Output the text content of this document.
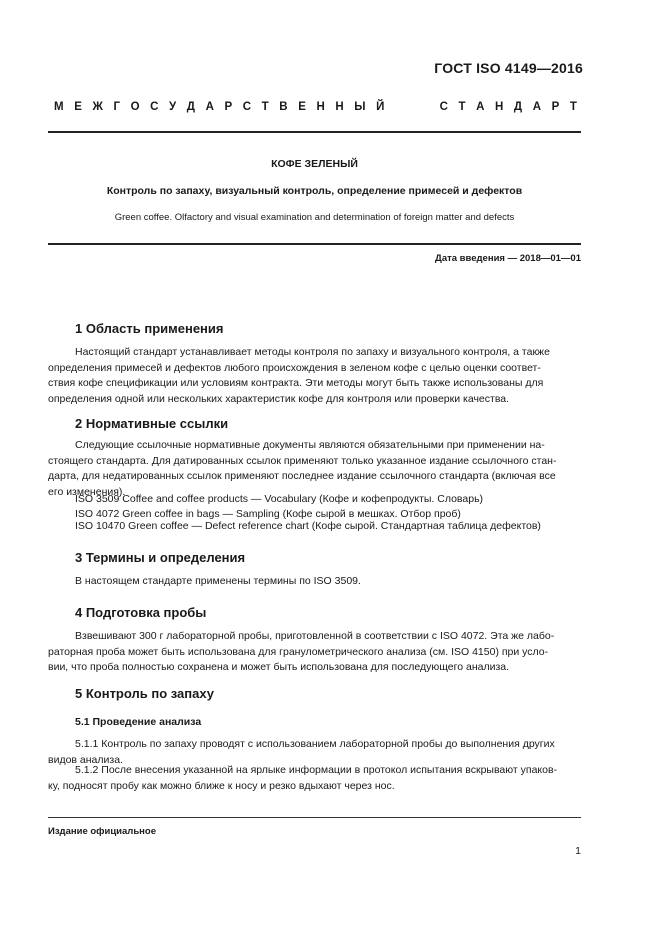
ГОСТ ISO 4149—2016
М Е Ж Г О С У Д А Р С Т В Е Н Н Ы Й	С Т А Н Д А Р Т
КОФЕ ЗЕЛЕНЫЙ
Контроль по запаху, визуальный контроль, определение примесей и дефектов
Green coffee. Olfactory and visual examination and determination of foreign matter and defects
Дата введения — 2018—01—01
1 Область применения
Настоящий стандарт устанавливает методы контроля по запаху и визуального контроля, а также
определения примесей и дефектов любого происхождения в зеленом кофе с целью оценки соответ-
ствия кофе спецификации или условиям контракта. Эти методы могут быть также использованы для
определения одной или нескольких характеристик кофе для контроля или проверки качества.
2 Нормативные ссылки
Следующие ссылочные нормативные документы являются обязательными при применении на-
стоящего стандарта. Для датированных ссылок применяют только указанное издание ссылочного стан-
дарта, для недатированных ссылок применяют последнее издание ссылочного стандарта (включая все
его изменения).
ISO 3509 Coffee and coffee products — Vocabulary (Кофе и кофепродукты. Словарь)
ISO 4072 Green coffee in bags — Sampling (Кофе сырой в мешках. Отбор проб)
ISO 10470 Green coffee — Defect reference chart (Кофе сырой. Стандартная таблица дефектов)
3 Термины и определения
В настоящем стандарте применены термины по ISO 3509.
4 Подготовка пробы
Взвешивают 300 г лабораторной пробы, приготовленной в соответствии с ISO 4072. Эта же лабо-
раторная проба может быть использована для гранулометрического анализа (см. ISO 4150) при усло-
вии, что проба полностью сохранена и может быть использована для последующего анализа.
5 Контроль по запаху
5.1 Проведение анализа
5.1.1 Контроль по запаху проводят с использованием лабораторной пробы до выполнения других
видов анализа.
5.1.2 После внесения указанной на ярлыке информации в протокол испытания вскрывают упаков-
ку, подносят пробу как можно ближе к носу и резко вдыхают через нос.
Издание официальное
1
